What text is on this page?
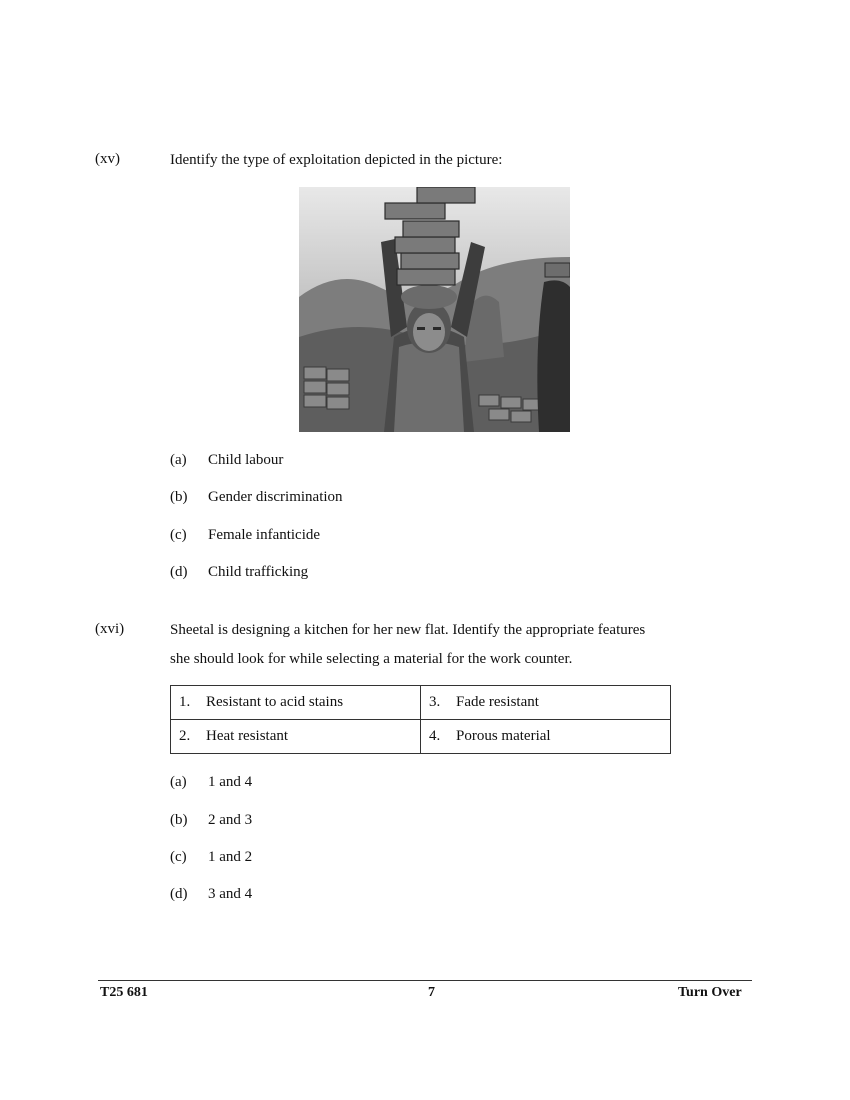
(xv)	Identify the type of exploitation depicted in the picture:
(a) Child labour
(b) Gender discrimination
(c) Female infanticide
(d) Child trafficking
(xvi)	Sheetal is designing a kitchen for her new flat. Identify the appropriate features
she should look for while selecting a material for the work counter.
1. Resistant to acid stains	3. Fade resistant
2. Heat resistant	4. Porous material
(a) 1 and 4
(b) 2 and 3
(c) 1 and 2
(d) 3 and 4
T25 681	7	Turn Over
